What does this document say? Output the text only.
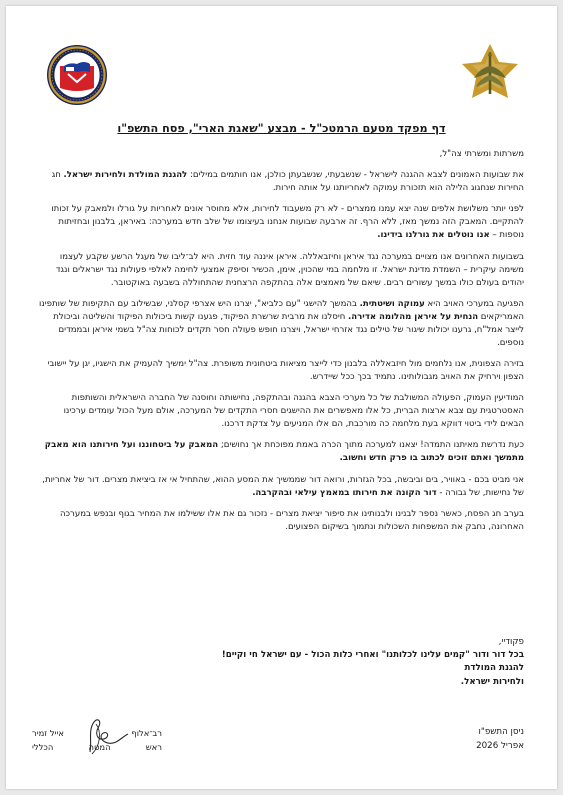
דף מפקד מטעם הרמטכ"ל - מבצע "שאגת הארי", פסח התשפ"ו

משרתות ומשרתי צה"ל,

את שבועות האמונים לצבא ההגנה לישראל - שנשבעתי, שנשבעתן כולכן, אנו חותמים במילים: להגנת המולדת ולחירות ישראל. חג החירות שנחגוג הלילה הוא תזכורת עמוקה לאחריותנו על אותה חירות.

לפני יותר משלושת אלפים שנה יצא עמנו ממצרים - לא רק משעבוד לחירות, אלא מחוסר אונים לאחריות על גורלו ולמאבק על זכותו להתקיים. המאבק הזה נמשך מאז, ללא הרף. זה ארבעה שבועות אנחנו בעיצומו של שלב חדש במערכה: באיראן, בלבנון ובחזיתות נוספות – אנו נוטלים את גורלנו בידינו.

בשבועות האחרונים אנו מצויים במערכה נגד איראן וחיזבאללה. איראן איננה עוד חזית. היא לב־ליבו של מעגל הרשע שקבע לעצמו משימה עיקרית – השמדת מדינת ישראל. זו מלחמה במי שהכוין, אימן, הכשיר וסיפק אמצעי לחימה לאלפי פעולות נגד ישראלים ונגד יהודים בעולם כולו במשך עשורים רבים. שיאם של מאמצים אלה בהתקפה הרצחנית שהתחוללה בשבעה באוקטובר.

הפגיעה במערכי האויב היא עמוקה ושיטתית. בהמשך להישגי "עם כלביא", יצרנו היש אצרפי קסלני, שבשילוב עם התקיפות של שותפינו האמריקאים הנחית על איראן מהלומה אדירה. חיסלנו את מרבית שרשרת הפיקוד, פגענו קשות ביכולות הפיקוד והשליטה וביכולת לייצר אמל"ח, גרענו יכולות שיגור של טילים נגד אזרחי ישראל, ויצרנו חופש פעולה חסר תקדים לכוחות צה"ל בשמי איראן ובממדים נוספים.

בזירה הצפונית, אנו נלחמים מול חיזבאללה בלבנון כדי לייצר מציאות ביטחונית משופרת. צה"ל ימשיך להעמיק את הישגיו, יגן על יישובי הצפון וירחיק את האויב מגבולותינו. נתמיד בכך ככל שיידרש.

המודיעין העמוק, הפעולה המשולבת של כל מערכי הצבא בהגנה ובהתקפה, נחישותה וחוסנה של החברה הישראלית והשותפות האסטרטגית עם צבא ארצות הברית, כל אלו מאפשרים את ההישגים חסרי התקדים של המערכה, אולם מעל הכול עומדים ערכינו הבאים לידי ביטוי דווקא בעת מלחמה כה מורכבת, הם אלו המניעים על צדקת דרכנו.

כעת נדרשת מאיתנו התמדה! יצאנו למערכה מתוך הכרה באמת מפוכחת אך נחושים; המאבק על ביטחוננו ועל חירותנו הוא מאבק מתמשך ואתם זוכים לכתוב בו פרק חדש וחשוב.

אני מביט בכם - באוויר, בים וביבשה, בכל הגזרות, ורואה דור שממשיך את המסע ההוא, שהתחיל אי אז ביציאת מצרים. דור של אחריות, של נחישות, של גבורה - דור הקונה את חירותו במאמץ עילאי ובהקרבה.

בערב חג הפסח, כאשר נספר לבנינו ולבנותינו את סיפור יציאת מצרים - נזכור גם את אלו ששילמו את המחיר בגוף ובנפש במערכה האחרונה, נחבק את המשפחות השכולות ונתמוך בשיקום הפצועים.

פקודיי,
בכל דור ודור "קמים עלינו לכלותנו" ואחרי כלות הכול - עם ישראל חי וקיים!
להגנת המולדת
ולחירות ישראל.
ניסן התשפ"ו
אפריל 2026
רב־אלוף
אייל זמיר
ראש
המטה
הכללי
